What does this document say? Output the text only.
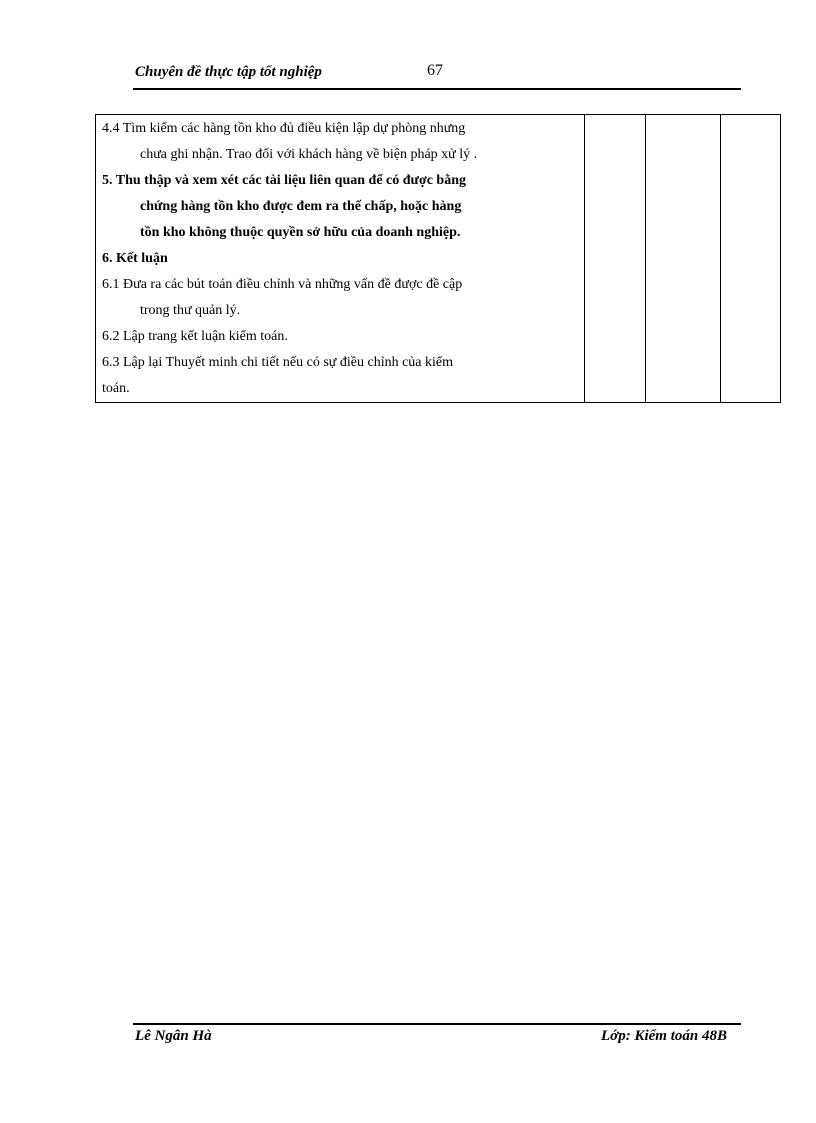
Chuyên đề thực tập tốt nghiệp	67
4.4 Tìm kiếm các hàng tồn kho đủ điều kiện lập dự phòng nhưng
chưa ghi nhận. Trao đổi với khách hàng về biện pháp xử lý .
5. Thu thập và xem xét các tài liệu liên quan để có được bằng
chứng hàng tồn kho được đem ra thế chấp, hoặc hàng
tồn kho không thuộc quyền sở hữu của doanh nghiệp.
6. Kết luận
6.1 Đưa ra các bút toán điều chỉnh và những vấn đề được đề cập
trong thư quản lý.
6.2 Lập trang kết luận kiểm toán.
6.3 Lập lại Thuyết minh chi tiết nếu có sự điều chỉnh của kiểm
toán.

Lê Ngân Hà	Lớp: Kiểm toán 48B
